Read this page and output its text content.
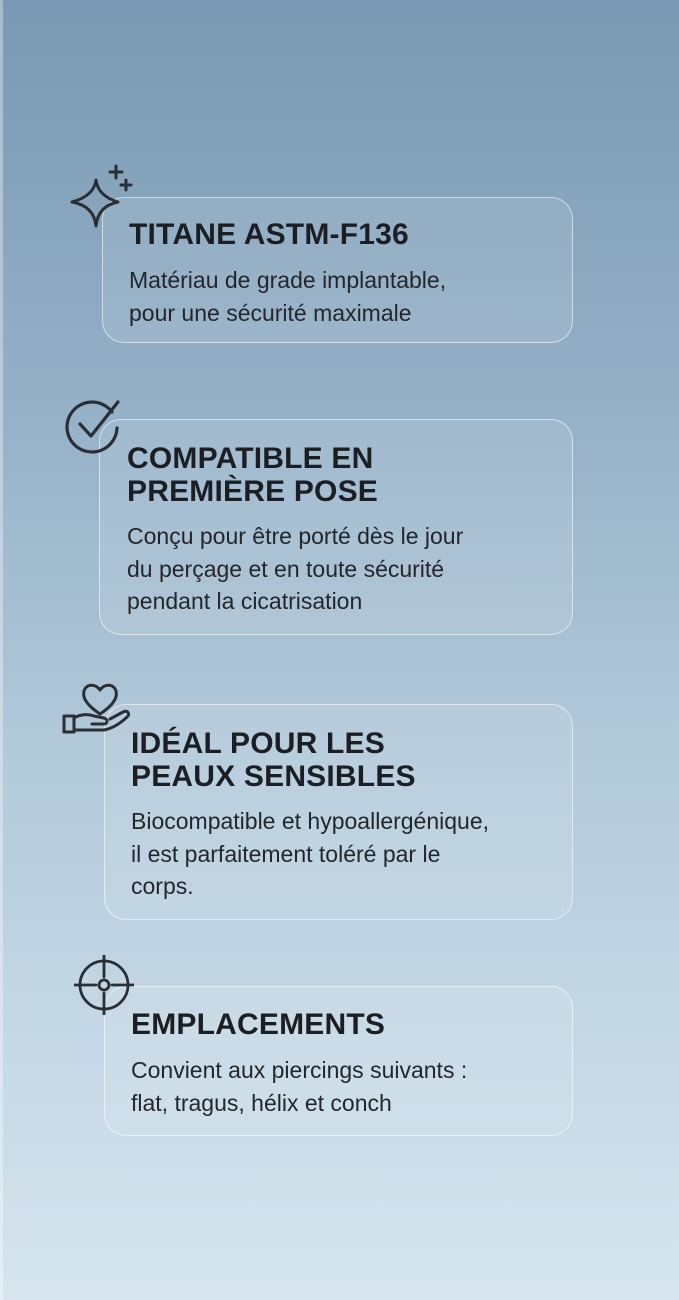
TITANE ASTM-F136

Matériau de grade implantable,
pour une sécurité maximale

COMPATIBLE EN
PREMIÈRE POSE

Conçu pour être porté dès le jour
du perçage et en toute sécurité
pendant la cicatrisation

IDÉAL POUR LES
PEAUX SENSIBLES

Biocompatible et hypoallergénique,
il est parfaitement toléré par le
corps.

EMPLACEMENTS

Convient aux piercings suivants :
flat, tragus, hélix et conch
